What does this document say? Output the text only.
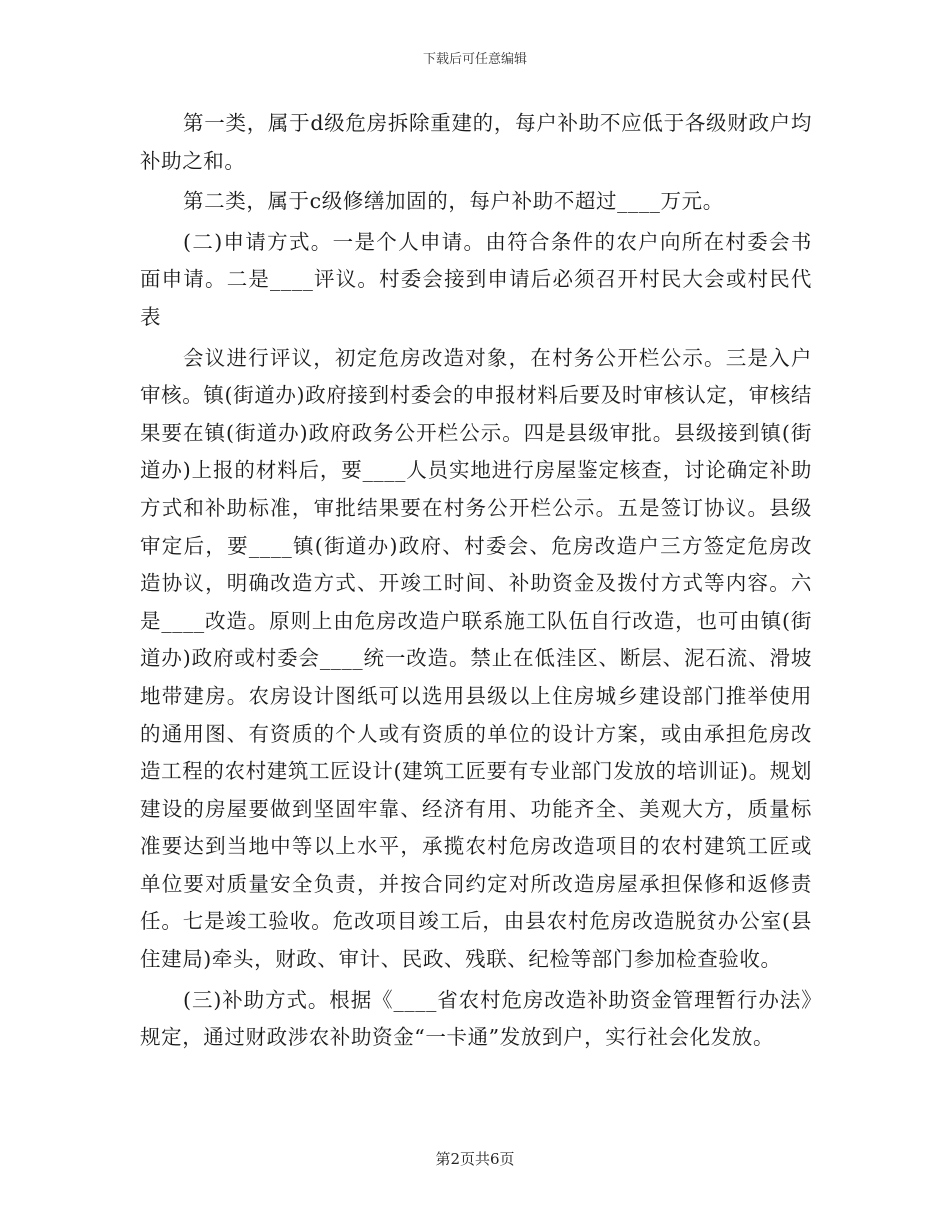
下载后可任意编辑

第一类，属于d级危房拆除重建的，每户补助不应低于各级财政户均补助之和。

第二类，属于c级修缮加固的，每户补助不超过____万元。

(二)申请方式。一是个人申请。由符合条件的农户向所在村委会书面申请。二是____评议。村委会接到申请后必须召开村民大会或村民代表

会议进行评议，初定危房改造对象，在村务公开栏公示。三是入户审核。镇(街道办)政府接到村委会的申报材料后要及时审核认定，审核结果要在镇(街道办)政府政务公开栏公示。四是县级审批。县级接到镇(街道办)上报的材料后，要____人员实地进行房屋鉴定核查，讨论确定补助方式和补助标准，审批结果要在村务公开栏公示。五是签订协议。县级审定后，要____镇(街道办)政府、村委会、危房改造户三方签定危房改造协议，明确改造方式、开竣工时间、补助资金及拨付方式等内容。六是____改造。原则上由危房改造户联系施工队伍自行改造，也可由镇(街道办)政府或村委会____统一改造。禁止在低洼区、断层、泥石流、滑坡地带建房。农房设计图纸可以选用县级以上住房城乡建设部门推举使用的通用图、有资质的个人或有资质的单位的设计方案，或由承担危房改造工程的农村建筑工匠设计(建筑工匠要有专业部门发放的培训证)。规划建设的房屋要做到坚固牢靠、经济有用、功能齐全、美观大方，质量标准要达到当地中等以上水平，承揽农村危房改造项目的农村建筑工匠或单位要对质量安全负责，并按合同约定对所改造房屋承担保修和返修责任。七是竣工验收。危改项目竣工后，由县农村危房改造脱贫办公室(县住建局)牵头，财政、审计、民政、残联、纪检等部门参加检查验收。

(三)补助方式。根据《____省农村危房改造补助资金管理暂行办法》规定，通过财政涉农补助资金“一卡通”发放到户，实行社会化发放。

第2页共6页
